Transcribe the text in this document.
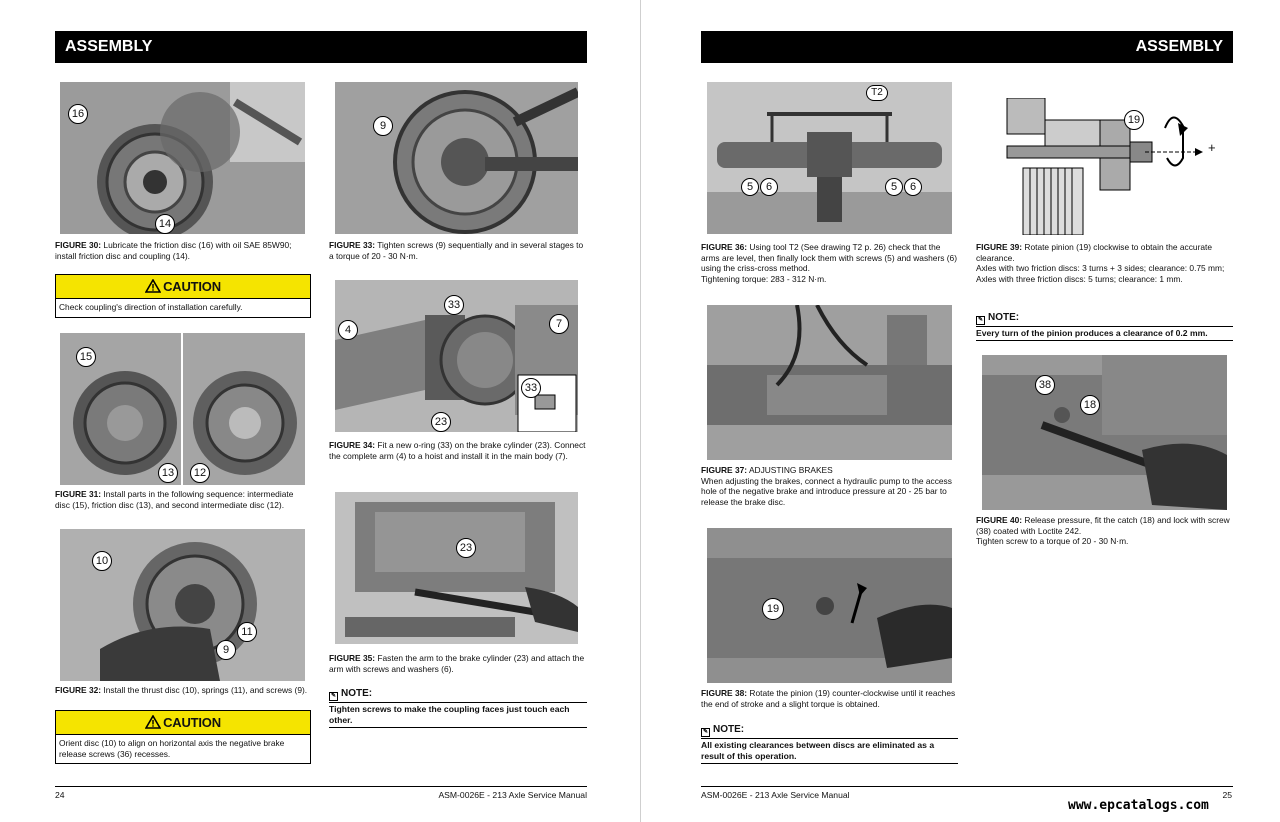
ASSEMBLY
16
14
FIGURE 30: Lubricate the friction disc (16) with oil SAE 85W90; install friction disc and coupling (14).
CAUTION
Check coupling's direction of installation carefully.
15
13	12
FIGURE 31: Install parts in the following sequence: intermediate disc (15), friction disc (13), and second intermediate disc (12).
10
11
9
FIGURE 32: Install the thrust disc (10), springs (11), and screws (9).
CAUTION
Orient disc (10) to align on horizontal axis the negative brake release screws (36) recesses.
9
FIGURE 33: Tighten screws (9) sequentially and in several stages to a torque of 20 - 30 N·m.
33
4	7
23
33
FIGURE 34: Fit a new o-ring (33) on the brake cylinder (23). Connect the complete arm (4) to a hoist and install it in the main body (7).
23
FIGURE 35: Fasten the arm to the brake cylinder (23) and attach the arm with screws and washers (6).
✎ NOTE:
Tighten screws to make the coupling faces just touch each other.
24	ASM-0026E - 213 Axle Service Manual
ASSEMBLY
T2
5	6	5	6
FIGURE 36: Using tool T2 (See drawing T2 p. 26) check that the arms are level, then finally lock them with screws (5) and washers (6) using the criss-cross method.
Tightening torque: 283 - 312 N·m.
FIGURE 37: ADJUSTING BRAKES
When adjusting the brakes, connect a hydraulic pump to the access hole of the negative brake and introduce pressure at 20 - 25 bar to release the brake disc.
19
FIGURE 38: Rotate the pinion (19) counter-clockwise until it reaches the end of stroke and a slight torque is obtained.
✎ NOTE:
All existing clearances between discs are eliminated as a result of this operation.
19
+
FIGURE 39: Rotate pinion (19) clockwise to obtain the accurate clearance.
Axles with two friction discs: 3 turns + 3 sides; clearance: 0.75 mm;
Axles with three friction discs: 5 turns; clearance: 1 mm.
✎ NOTE:
Every turn of the pinion produces a clearance of 0.2 mm.
38
18
FIGURE 40: Release pressure, fit the catch (18) and lock with screw (38) coated with Loctite 242.
Tighten screw to a torque of 20 - 30 N·m.
ASM-0026E - 213 Axle Service Manual	25
www.epcatalogs.com
